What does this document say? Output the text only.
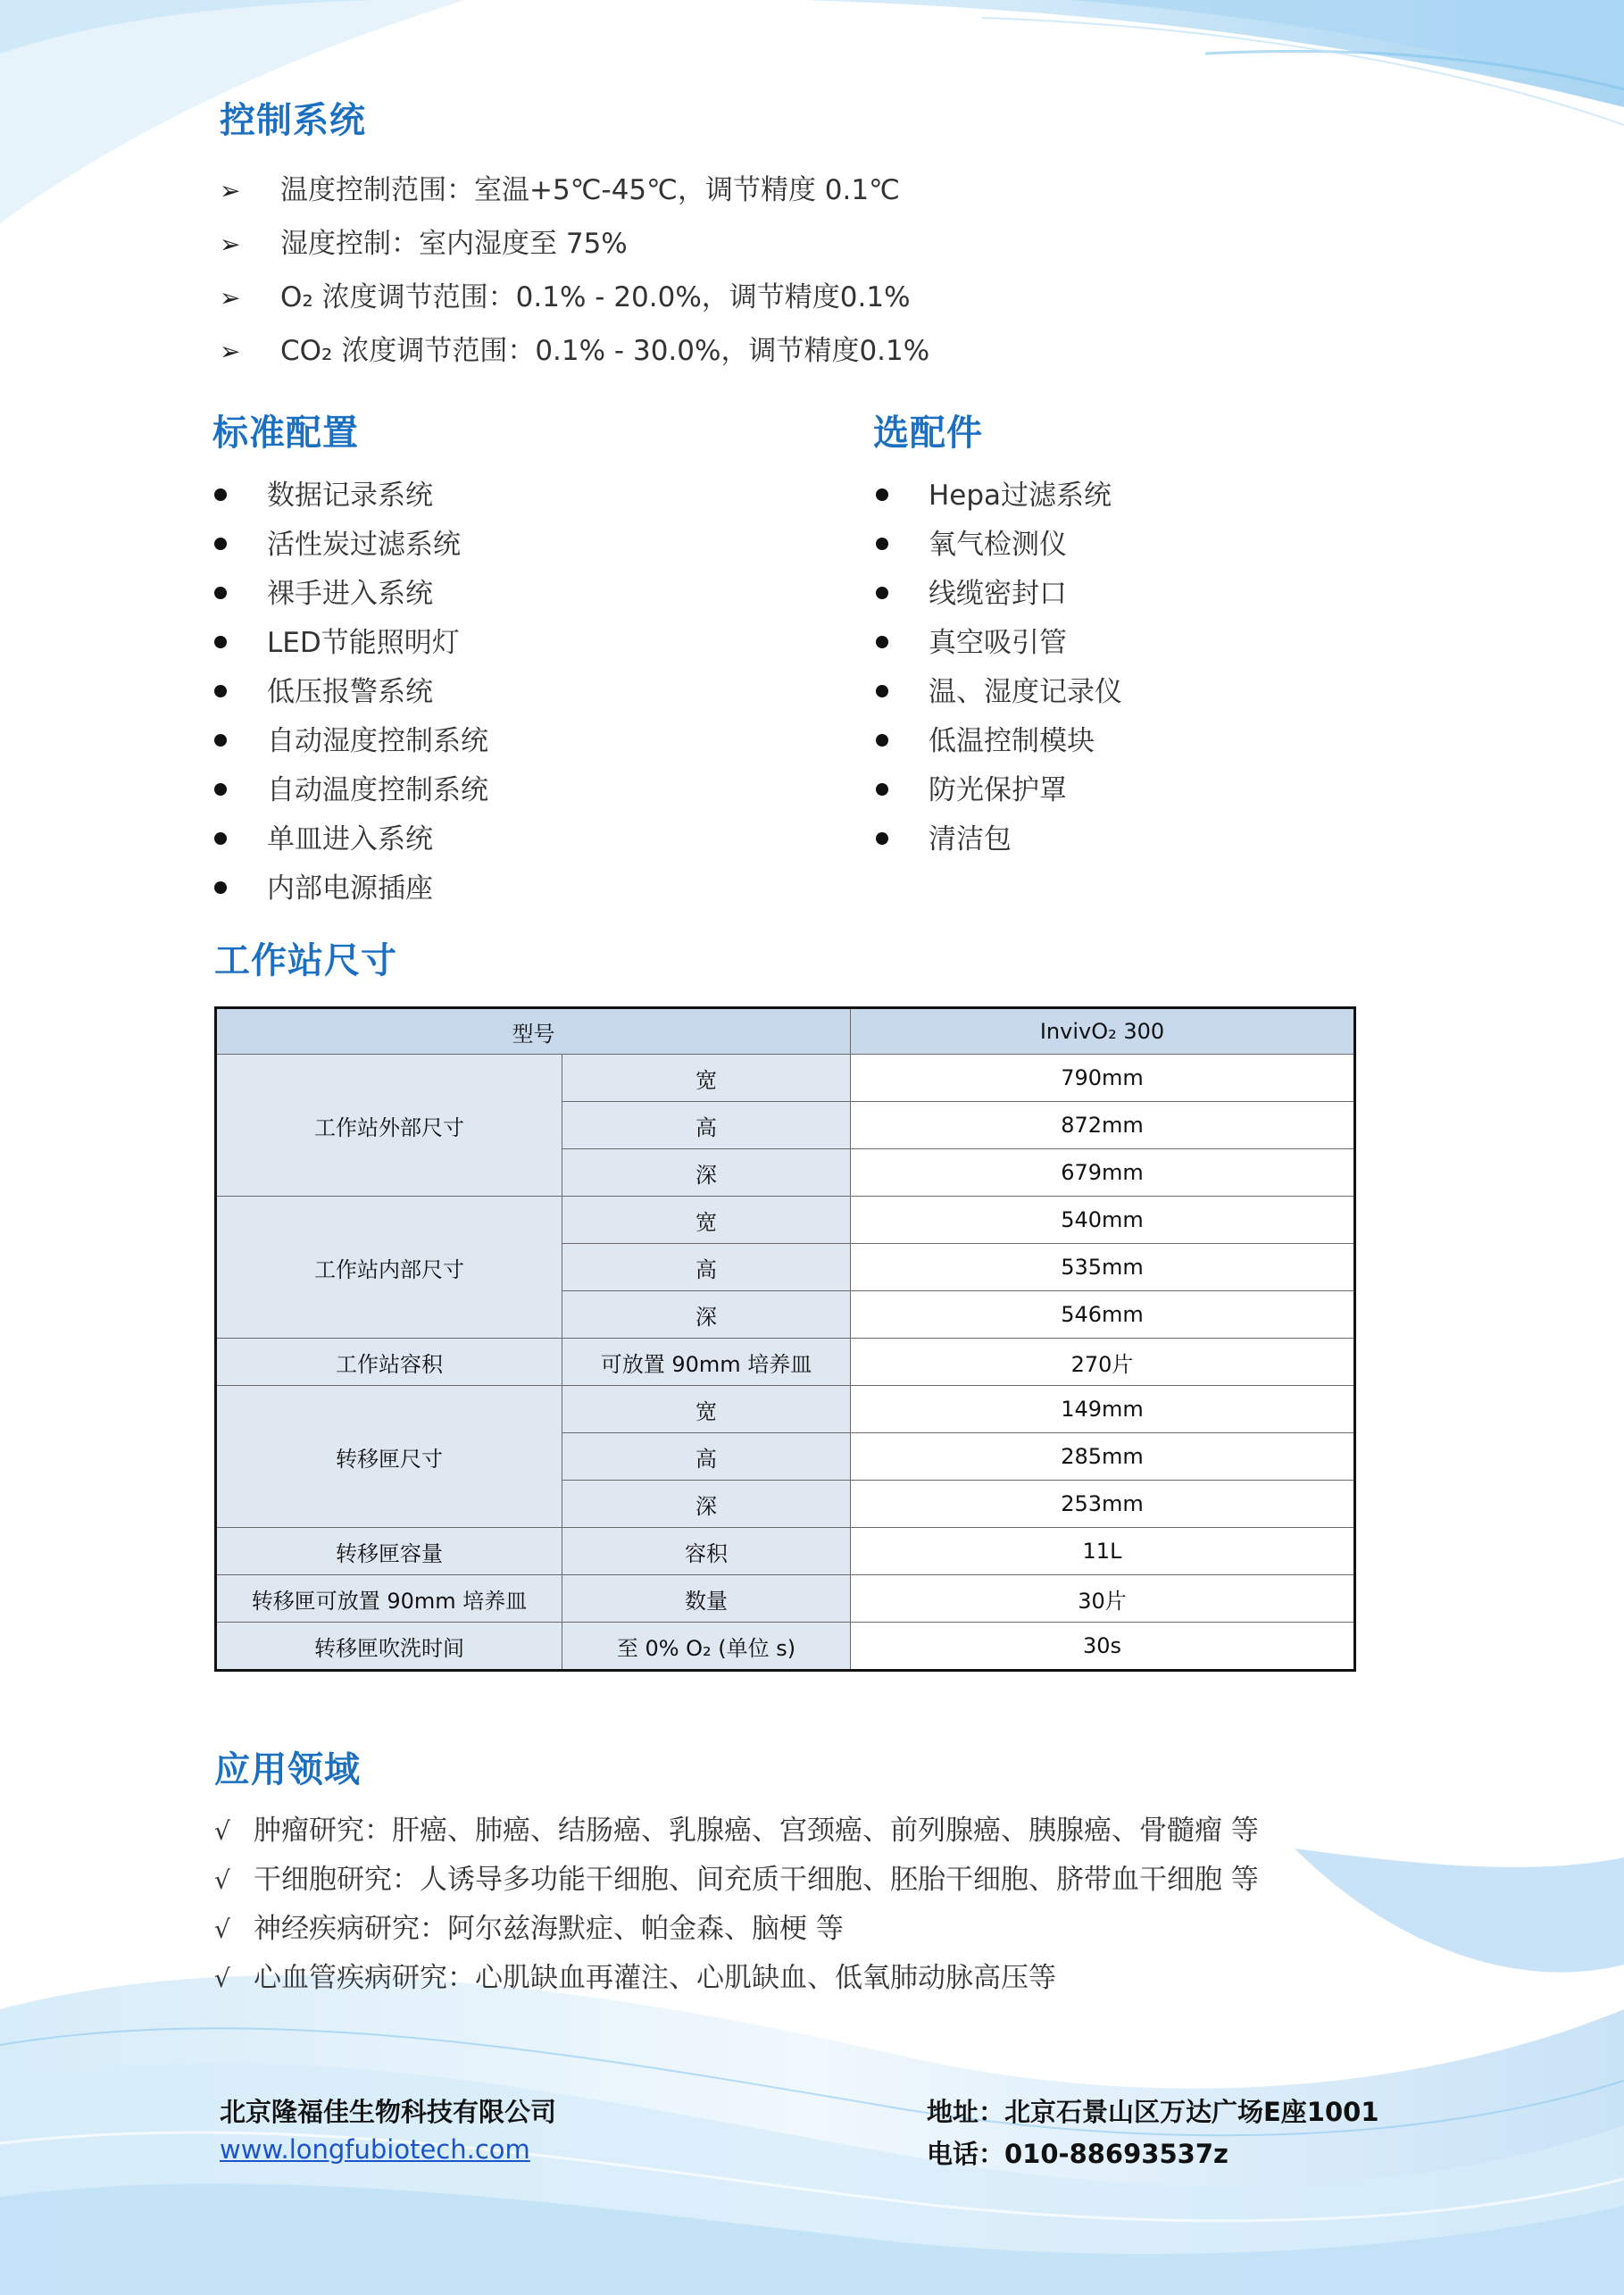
控制系统
➢ 温度控制范围：室温+5℃-45℃，调节精度 0.1℃
➢ 湿度控制：室内湿度至 75%
➢ O₂ 浓度调节范围：0.1% - 20.0%，调节精度0.1%
➢ CO₂ 浓度调节范围：0.1% - 30.0%，调节精度0.1%
标准配置
数据记录系统
活性炭过滤系统
裸手进入系统
LED节能照明灯
低压报警系统
自动湿度控制系统
自动温度控制系统
单皿进入系统
内部电源插座
选配件
Hepa过滤系统
氧气检测仪
线缆密封口
真空吸引管
温、湿度记录仪
低温控制模块
防光保护罩
清洁包
工作站尺寸
型号		InvivO₂ 300
工作站外部尺寸	宽	790mm
	高	872mm
	深	679mm
工作站内部尺寸	宽	540mm
	高	535mm
	深	546mm
工作站容积	可放置 90mm 培养皿	270片
转移匣尺寸	宽	149mm
	高	285mm
	深	253mm
转移匣容量	容积	11L
转移匣可放置 90mm 培养皿	数量	30片
转移匣吹洗时间	至 0% O₂ (单位 s)	30s
应用领域
√ 肿瘤研究：肝癌、肺癌、结肠癌、乳腺癌、宫颈癌、前列腺癌、胰腺癌、骨髓瘤 等
√ 干细胞研究：人诱导多功能干细胞、间充质干细胞、胚胎干细胞、脐带血干细胞 等
√ 神经疾病研究：阿尔兹海默症、帕金森、脑梗 等
√ 心血管疾病研究：心肌缺血再灌注、心肌缺血、低氧肺动脉高压等
北京隆福佳生物科技有限公司
www.longfubiotech.com
地址：北京石景山区万达广场E座1001
电话：010-88693537z
